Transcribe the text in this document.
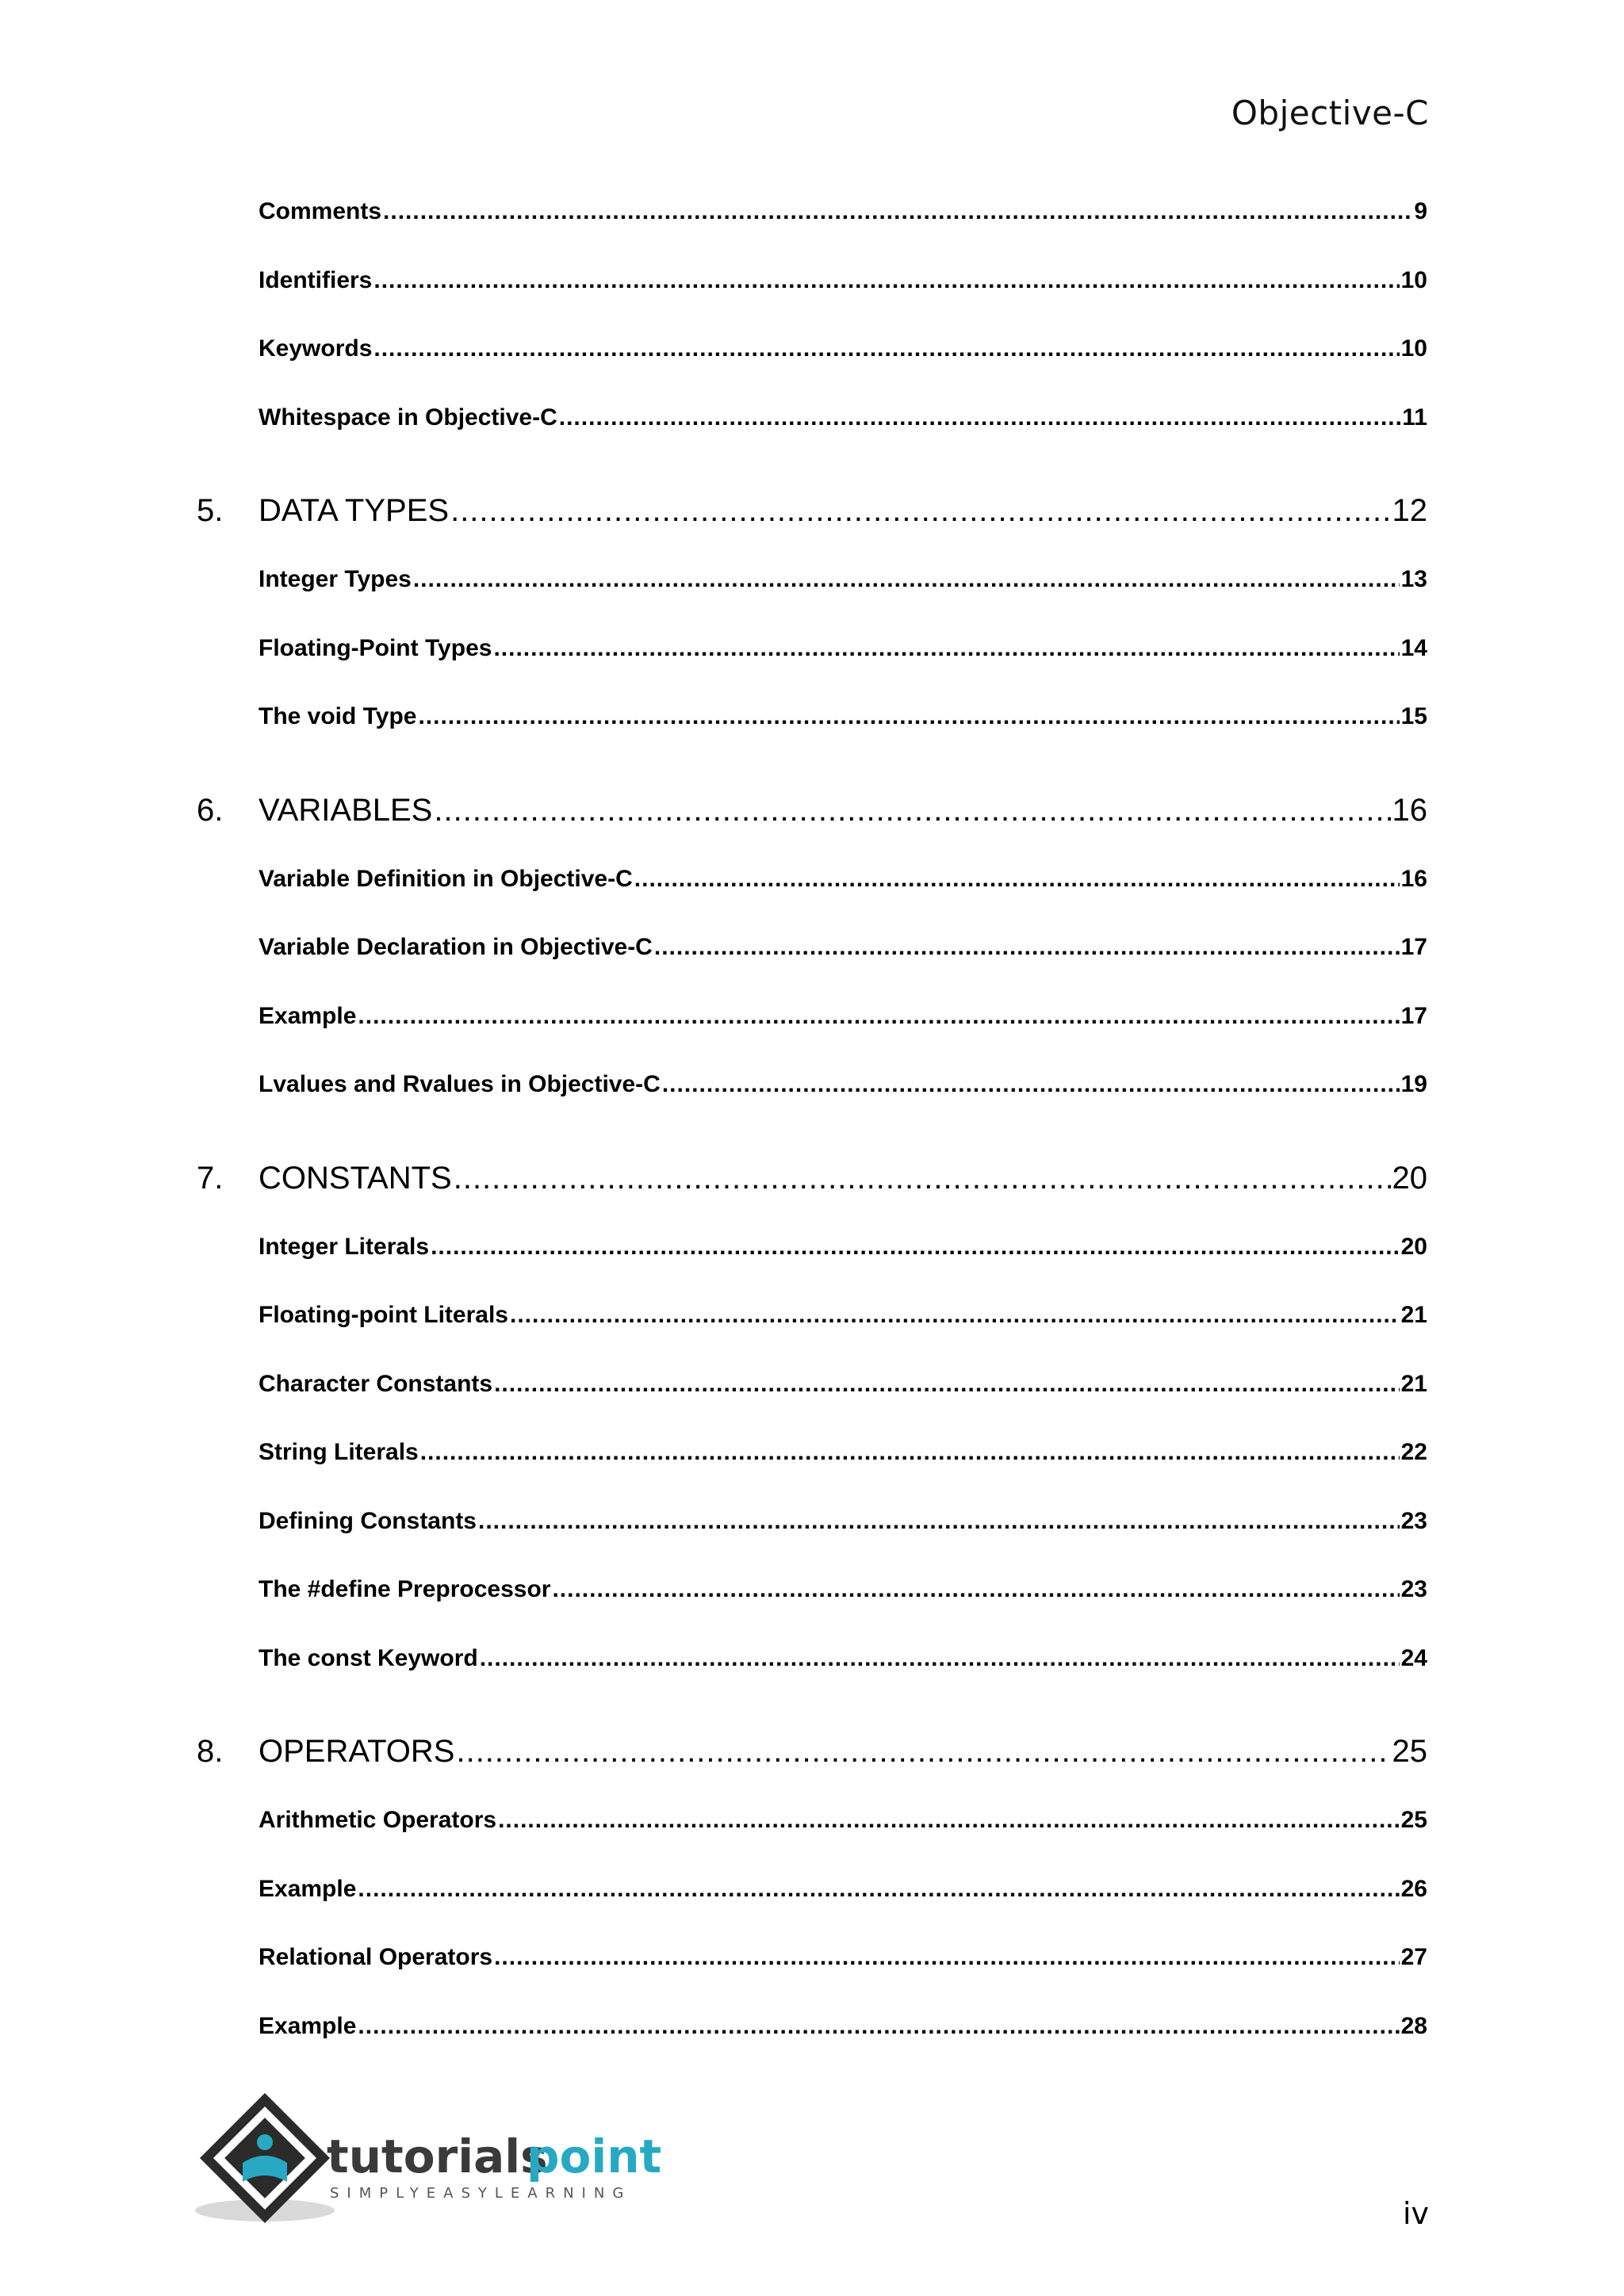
Objective-C
Comments .....	9
Identifiers .....	10
Keywords .....	10
Whitespace in Objective-C .....	11
5.	DATA TYPES .....	12
Integer Types .....	13
Floating-Point Types .....	14
The void Type .....	15
6.	VARIABLES .....	16
Variable Definition in Objective-C .....	16
Variable Declaration in Objective-C .....	17
Example .....	17
Lvalues and Rvalues in Objective-C .....	19
7.	CONSTANTS .....	20
Integer Literals .....	20
Floating-point Literals .....	21
Character Constants .....	21
String Literals .....	22
Defining Constants .....	23
The #define Preprocessor .....	23
The const Keyword .....	24
8.	OPERATORS .....	25
Arithmetic Operators .....	25
Example .....	26
Relational Operators .....	27
Example .....	28
tutorials
point
SIMPLYEASYLEARNING
iv
